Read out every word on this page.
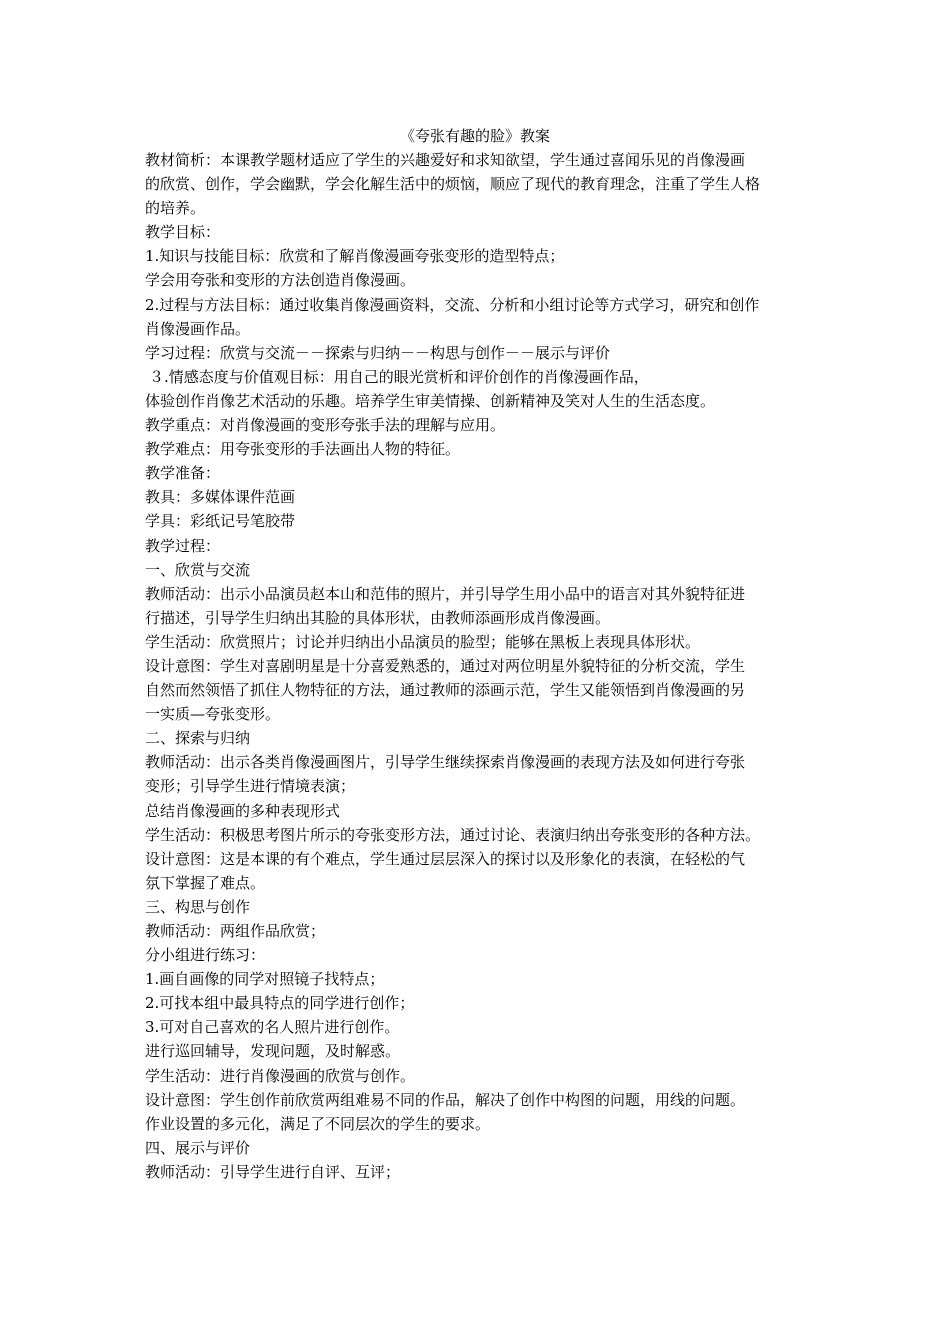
《夸张有趣的脸》教案
教材简析：本课教学题材适应了学生的兴趣爱好和求知欲望，学生通过喜闻乐见的肖像漫画
的欣赏、创作，学会幽默，学会化解生活中的烦恼，顺应了现代的教育理念，注重了学生人格
的培养。
教学目标：
1.知识与技能目标：欣赏和了解肖像漫画夸张变形的造型特点；
学会用夸张和变形的方法创造肖像漫画。
2.过程与方法目标：通过收集肖像漫画资料，交流、分析和小组讨论等方式学习，研究和创作
肖像漫画作品。
学习过程：欣赏与交流－－探索与归纳－－构思与创作－－展示与评价
３.情感态度与价值观目标：用自己的眼光赏析和评价创作的肖像漫画作品，
体验创作肖像艺术活动的乐趣。培养学生审美情操、创新精神及笑对人生的生活态度。
教学重点：对肖像漫画的变形夸张手法的理解与应用。
教学难点：用夸张变形的手法画出人物的特征。
教学准备：
教具：多媒体课件范画
学具：彩纸记号笔胶带
教学过程：
一、欣赏与交流
教师活动：出示小品演员赵本山和范伟的照片，并引导学生用小品中的语言对其外貌特征进
行描述，引导学生归纳出其脸的具体形状，由教师添画形成肖像漫画。
学生活动：欣赏照片；讨论并归纳出小品演员的脸型；能够在黑板上表现具体形状。
设计意图：学生对喜剧明星是十分喜爱熟悉的，通过对两位明星外貌特征的分析交流，学生
自然而然领悟了抓住人物特征的方法，通过教师的添画示范，学生又能领悟到肖像漫画的另
一实质—夸张变形。
二、探索与归纳
教师活动：出示各类肖像漫画图片，引导学生继续探索肖像漫画的表现方法及如何进行夸张
变形；引导学生进行情境表演；
总结肖像漫画的多种表现形式
学生活动：积极思考图片所示的夸张变形方法，通过讨论、表演归纳出夸张变形的各种方法。
设计意图：这是本课的有个难点，学生通过层层深入的探讨以及形象化的表演，在轻松的气
氛下掌握了难点。
三、构思与创作
教师活动：两组作品欣赏；
分小组进行练习：
1.画自画像的同学对照镜子找特点；
2.可找本组中最具特点的同学进行创作；
3.可对自己喜欢的名人照片进行创作。
进行巡回辅导，发现问题，及时解惑。
学生活动：进行肖像漫画的欣赏与创作。
设计意图：学生创作前欣赏两组难易不同的作品，解决了创作中构图的问题，用线的问题。
作业设置的多元化，满足了不同层次的学生的要求。
四、展示与评价
教师活动：引导学生进行自评、互评；
